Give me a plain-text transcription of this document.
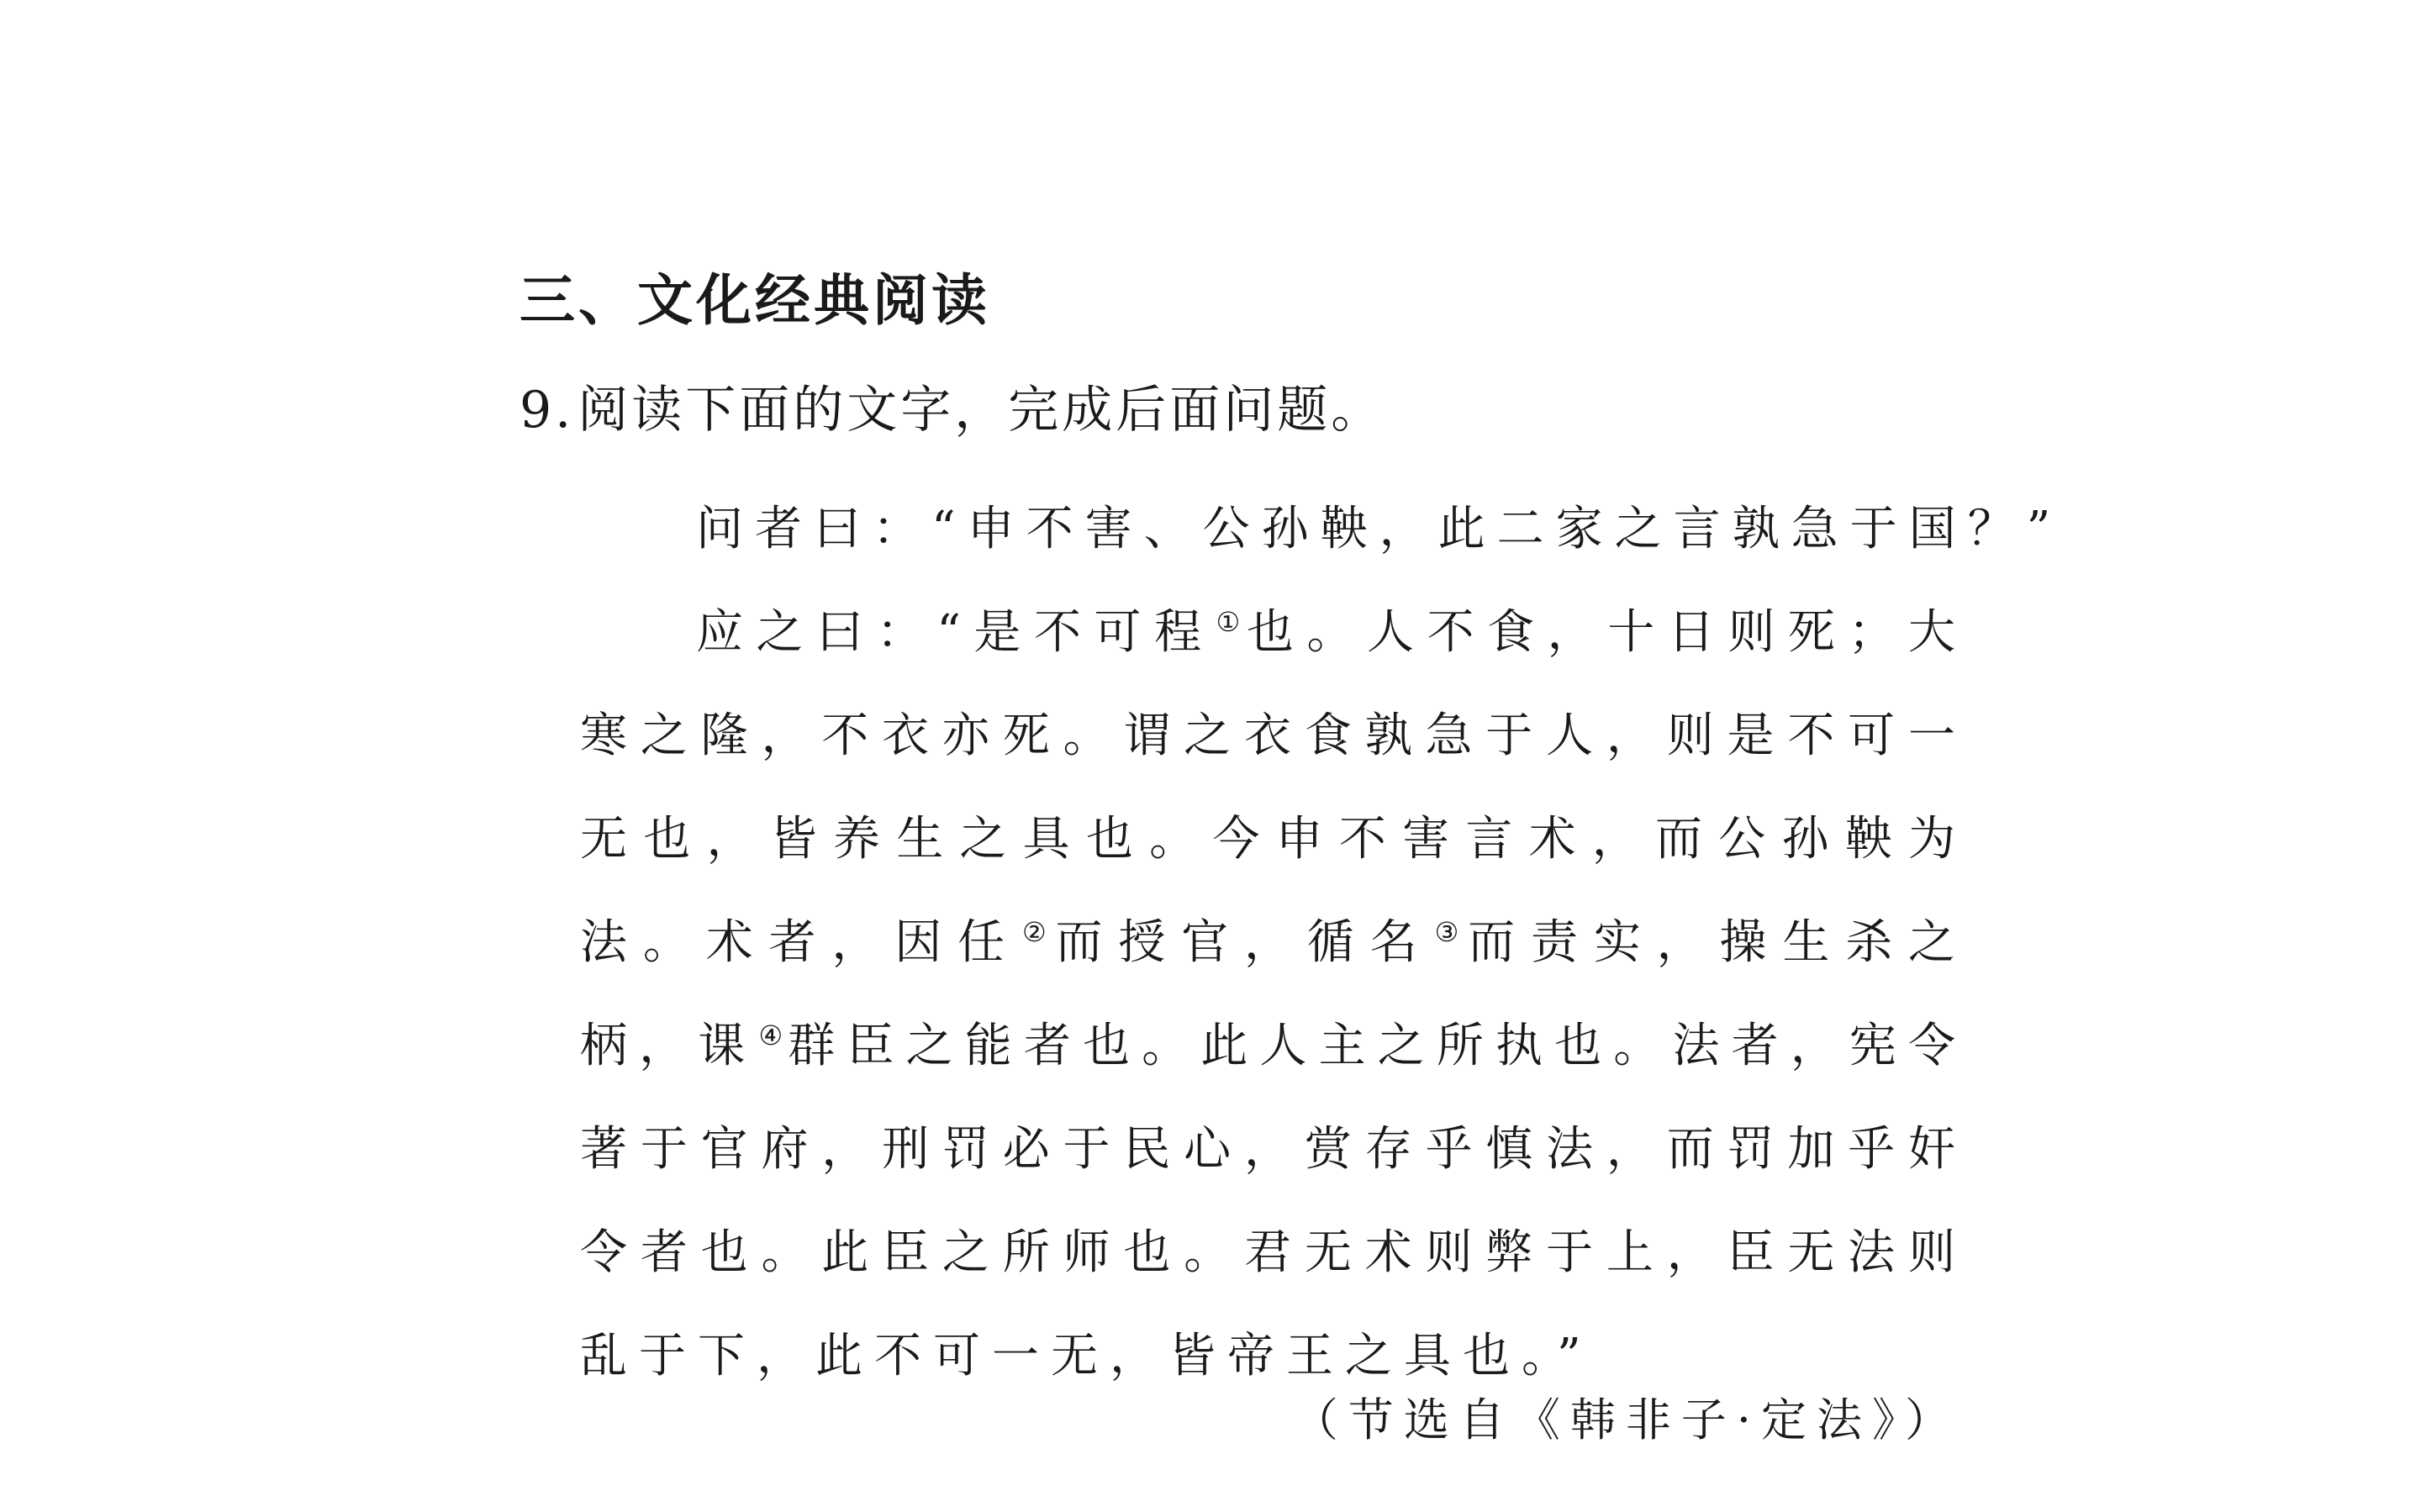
三、文化经典阅读
9.阅读下面的文字，完成后面问题。

问者曰：“申不害、公孙鞅，此二家之言孰急于国？”

应之曰：“是不可程① 也。人不食，十日则死；大寒之隆，不衣亦死。谓之衣食孰急于人，则是不可一无也，皆养生之具也。今申不害言术，而公孙鞅为法。术者，因任② 而授官，循名③ 而责实，操生杀之柄，课④ 群臣之能者也。此人主之所执也。法者，宪令著于官府，刑罚必于民心，赏存乎慎法，而罚加乎奸令者也。此臣之所师也。君无术则弊于上，臣无法则乱于下，此不可一无，皆帝王之具也。”

（节选自《韩非子·定法》）
